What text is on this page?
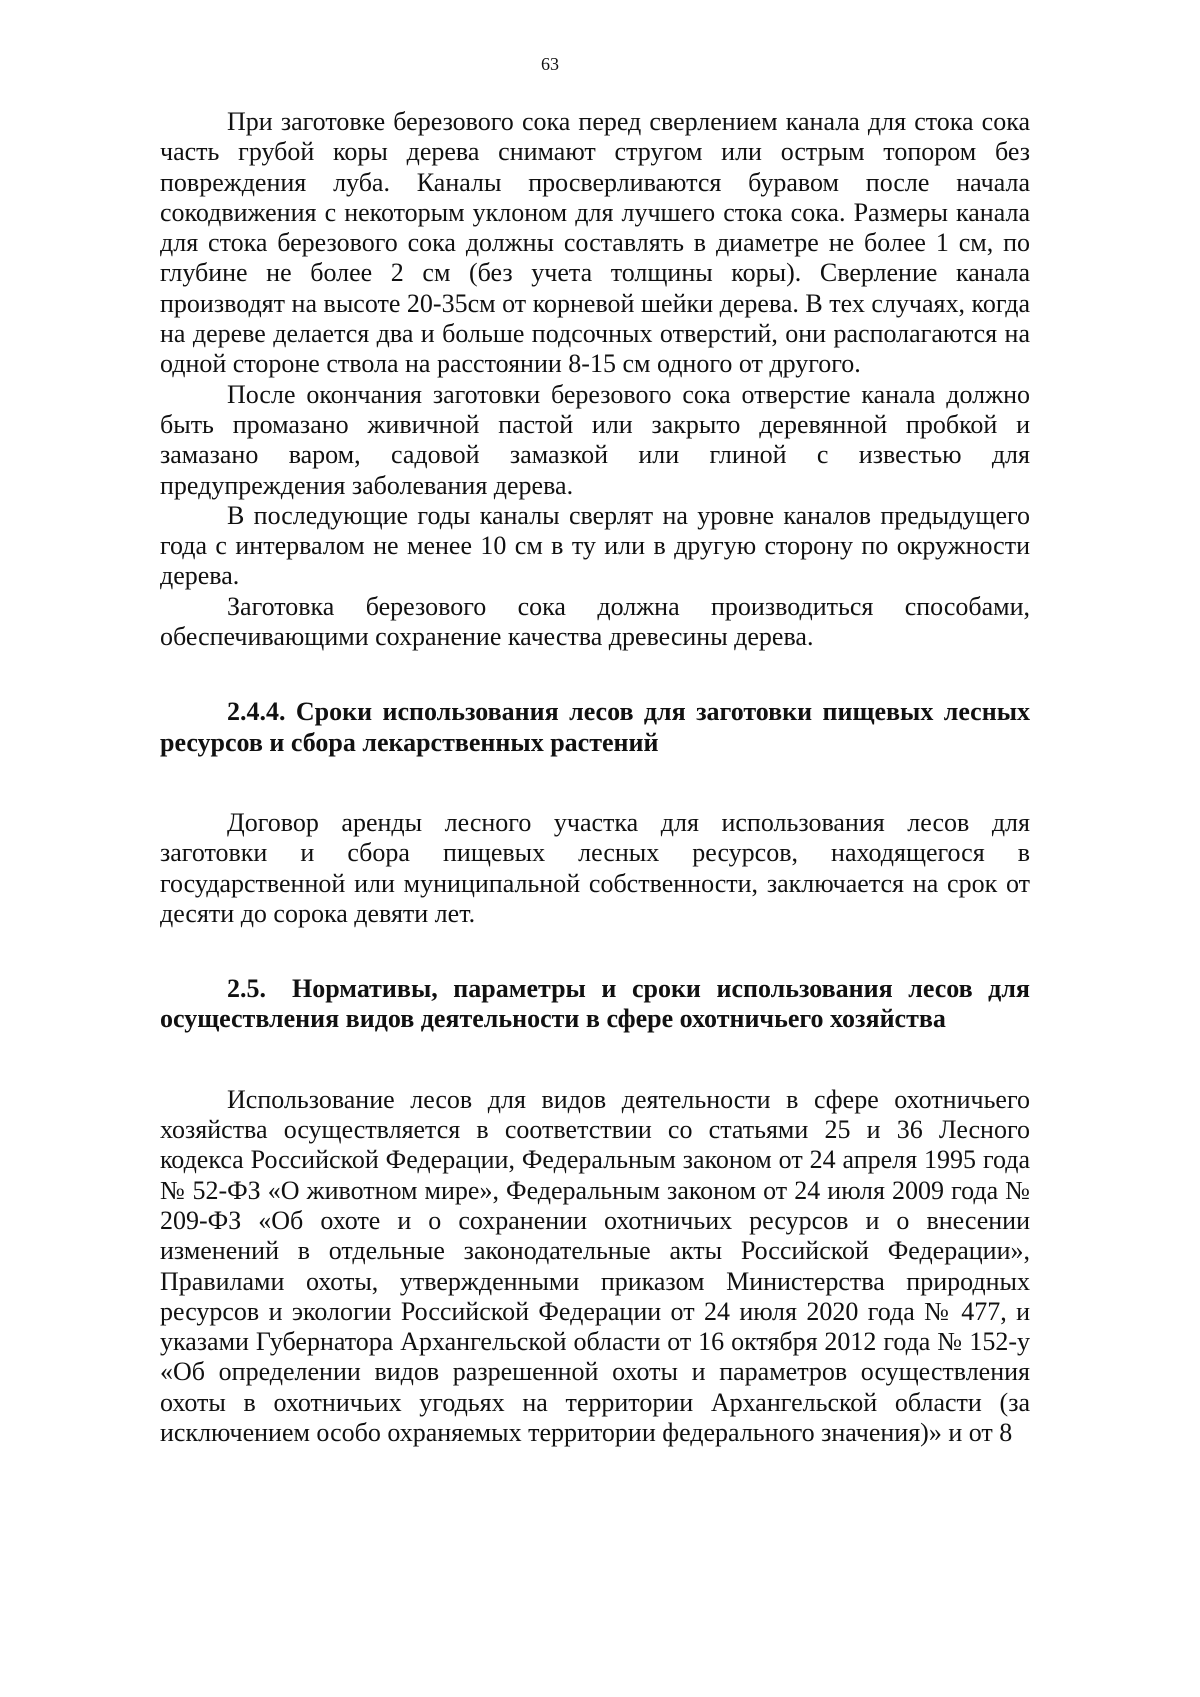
63

При заготовке березового сока перед сверлением канала для стока сока часть грубой коры дерева снимают стругом или острым топором без повреждения луба. Каналы просверливаются буравом после начала сокодвижения с некоторым уклоном для лучшего стока сока. Размеры канала для стока березового сока должны составлять в диаметре не более 1 см, по глубине не более 2 см (без учета толщины коры). Сверление канала производят на высоте 20-35см от корневой шейки дерева. В тех случаях, когда на дереве делается два и больше подсочных отверстий, они располагаются на одной стороне ствола на расстоянии 8-15 см одного от другого.

После окончания заготовки березового сока отверстие канала должно быть промазано живичной пастой или закрыто деревянной пробкой и замазано варом, садовой замазкой или глиной с известью для предупреждения заболевания дерева.

В последующие годы каналы сверлят на уровне каналов предыдущего года с интервалом не менее 10 см в ту или в другую сторону по окружности дерева.

Заготовка березового сока должна производиться способами, обеспечивающими сохранение качества древесины дерева.

2.4.4. Сроки использования лесов для заготовки пищевых лесных ресурсов и сбора лекарственных растений

Договор аренды лесного участка для использования лесов для заготовки и сбора пищевых лесных ресурсов, находящегося в государственной или муниципальной собственности, заключается на срок от десяти до сорока девяти лет.

2.5. Нормативы, параметры и сроки использования лесов для осуществления видов деятельности в сфере охотничьего хозяйства

Использование лесов для видов деятельности в сфере охотничьего хозяйства осуществляется в соответствии со статьями 25 и 36 Лесного кодекса Российской Федерации, Федеральным законом от 24 апреля 1995 года № 52-ФЗ «О животном мире», Федеральным законом от 24 июля 2009 года № 209-ФЗ «Об охоте и о сохранении охотничьих ресурсов и о внесении изменений в отдельные законодательные акты Российской Федерации», Правилами охоты, утвержденными приказом Министерства природных ресурсов и экологии Российской Федерации от 24 июля 2020 года № 477, и указами Губернатора Архангельской области от 16 октября 2012 года № 152-у «Об определении видов разрешенной охоты и параметров осуществления охоты в охотничьих угодьях на территории Архангельской области (за исключением особо охраняемых территории федерального значения)» и от 8
